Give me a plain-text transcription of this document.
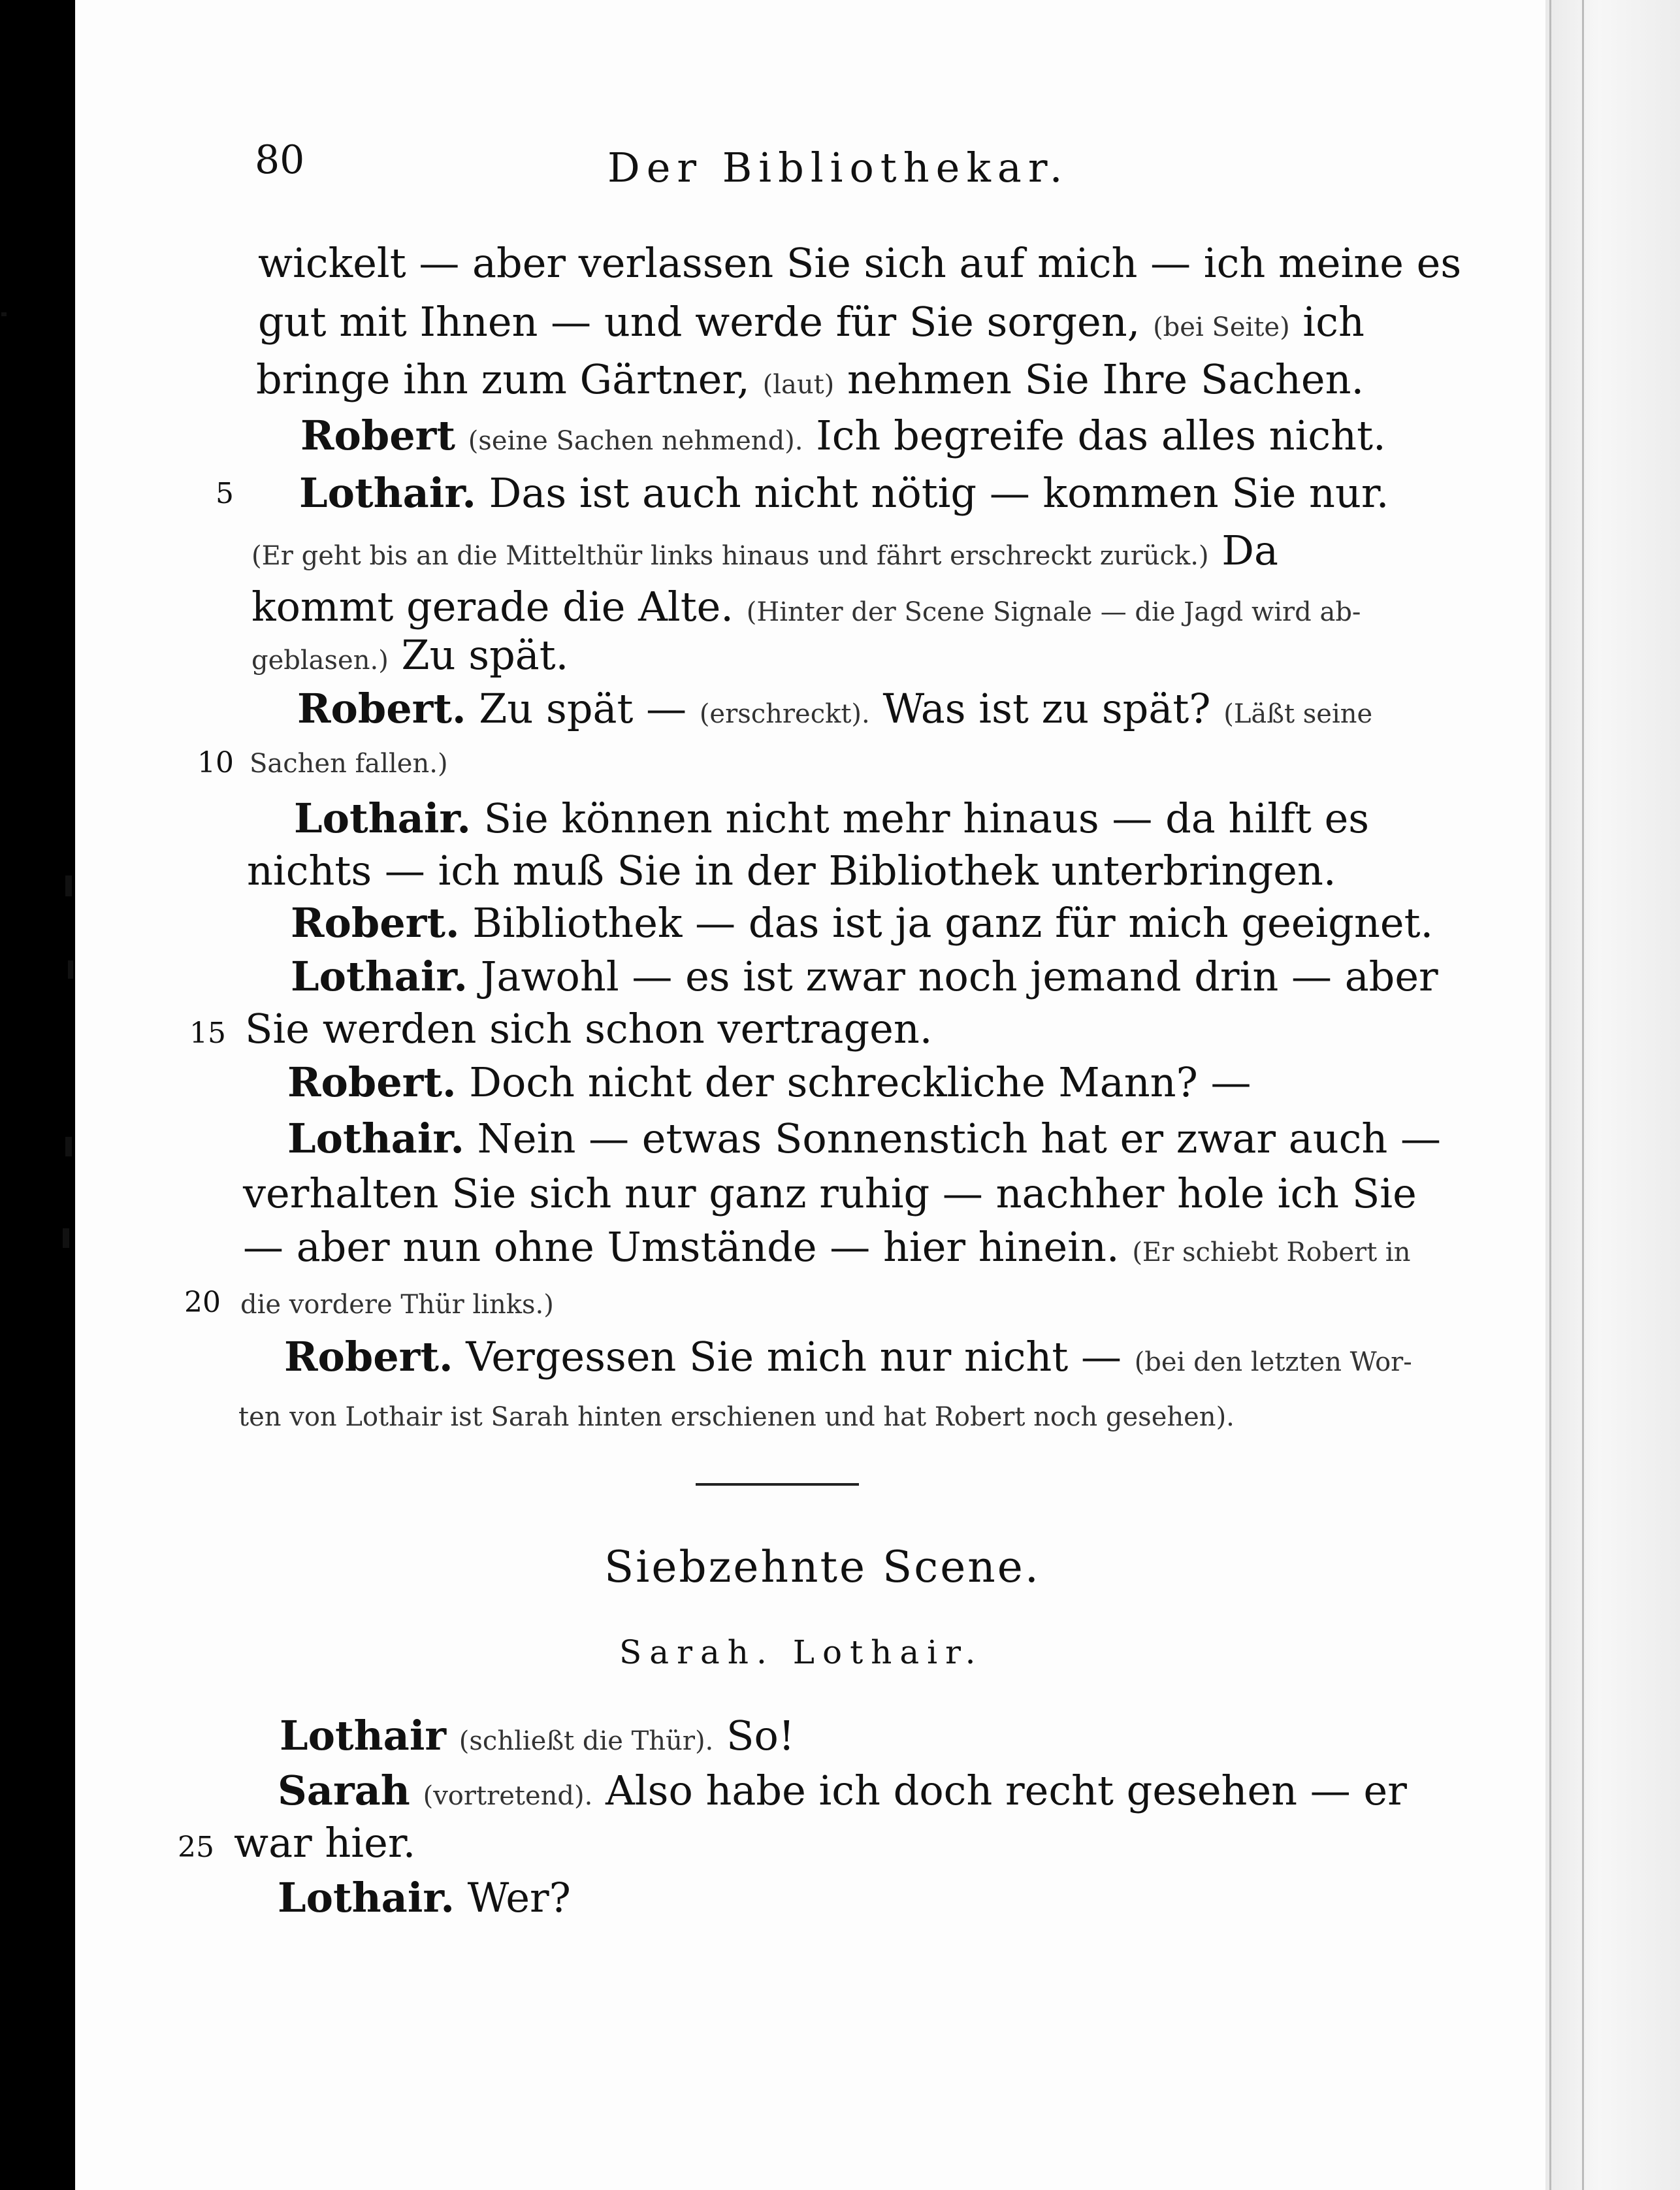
80	Der Bibliothekar.
wickelt — aber verlassen Sie sich auf mich — ich meine es
gut mit Ihnen — und werde für Sie sorgen, (bei Seite) ich
bringe ihn zum Gärtner, (laut) nehmen Sie Ihre Sachen.
Robert (seine Sachen nehmend). Ich begreife das alles nicht.
5 Lothair. Das ist auch nicht nötig — kommen Sie nur.
(Er geht bis an die Mittelthür links hinaus und fährt erschreckt zurück.) Da
kommt gerade die Alte. (Hinter der Scene Signale — die Jagd wird ab-
geblasen.) Zu spät.
Robert. Zu spät — (erschreckt). Was ist zu spät? (Läßt seine
10 Sachen fallen.)
Lothair. Sie können nicht mehr hinaus — da hilft es
nichts — ich muß Sie in der Bibliothek unterbringen.
Robert. Bibliothek — das ist ja ganz für mich geeignet.
Lothair. Jawohl — es ist zwar noch jemand drin — aber
15 Sie werden sich schon vertragen.
Robert. Doch nicht der schreckliche Mann? —
Lothair. Nein — etwas Sonnenstich hat er zwar auch —
verhalten Sie sich nur ganz ruhig — nachher hole ich Sie
— aber nun ohne Umstände — hier hinein. (Er schiebt Robert in
20 die vordere Thür links.)
Robert. Vergessen Sie mich nur nicht — (bei den letzten Wor-
ten von Lothair ist Sarah hinten erschienen und hat Robert noch gesehen).
Siebzehnte Scene.
Sarah. Lothair.
Lothair (schließt die Thür). So!
Sarah (vortretend). Also habe ich doch recht gesehen — er
25 war hier.
Lothair. Wer?
